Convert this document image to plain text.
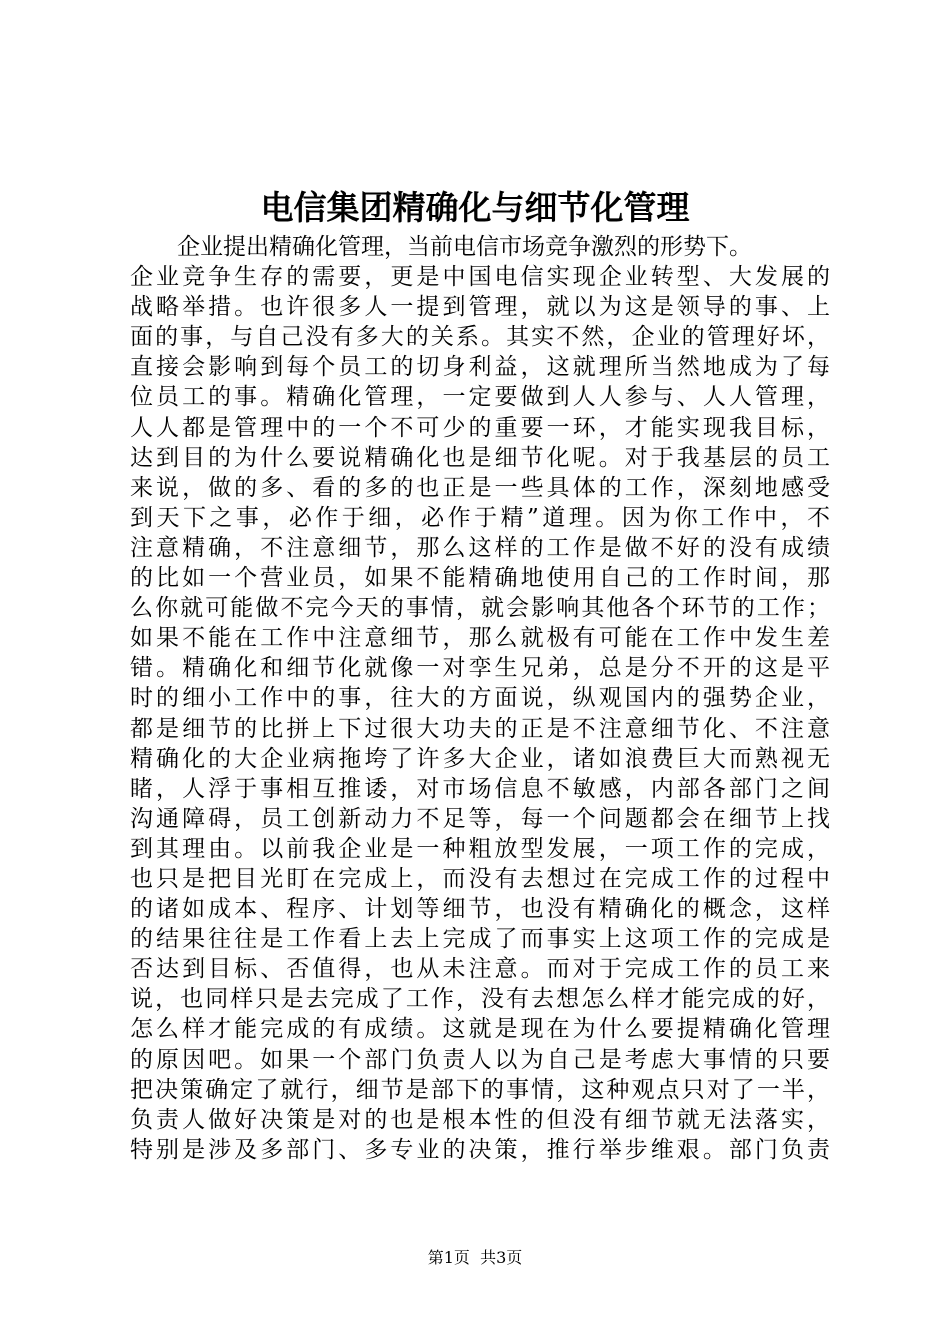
电信集团精确化与细节化管理
企业提出精确化管理，当前电信市场竞争激烈的形势下。
企业竞争生存的需要，更是中国电信实现企业转型、大发展的
战略举措。也许很多人一提到管理，就以为这是领导的事、上
面的事，与自己没有多大的关系。其实不然，企业的管理好坏，
直接会影响到每个员工的切身利益，这就理所当然地成为了每
位员工的事。精确化管理，一定要做到人人参与、人人管理，
人人都是管理中的一个不可少的重要一环，才能实现我目标，
达到目的为什么要说精确化也是细节化呢。对于我基层的员工
来说，做的多、看的多的也正是一些具体的工作，深刻地感受
到天下之事，必作于细，必作于精”道理。因为你工作中，不
注意精确，不注意细节，那么这样的工作是做不好的没有成绩
的比如一个营业员，如果不能精确地使用自己的工作时间，那
么你就可能做不完今天的事情，就会影响其他各个环节的工作；
如果不能在工作中注意细节，那么就极有可能在工作中发生差
错。精确化和细节化就像一对孪生兄弟，总是分不开的这是平
时的细小工作中的事，往大的方面说，纵观国内的强势企业，
都是细节的比拼上下过很大功夫的正是不注意细节化、不注意
精确化的大企业病拖垮了许多大企业，诸如浪费巨大而熟视无
睹，人浮于事相互推诿，对市场信息不敏感，内部各部门之间
沟通障碍，员工创新动力不足等，每一个问题都会在细节上找
到其理由。以前我企业是一种粗放型发展，一项工作的完成，
也只是把目光盯在完成上，而没有去想过在完成工作的过程中
的诸如成本、程序、计划等细节，也没有精确化的概念，这样
的结果往往是工作看上去上完成了而事实上这项工作的完成是
否达到目标、否值得，也从未注意。而对于完成工作的员工来
说，也同样只是去完成了工作，没有去想怎么样才能完成的好，
怎么样才能完成的有成绩。这就是现在为什么要提精确化管理
的原因吧。如果一个部门负责人以为自己是考虑大事情的只要
把决策确定了就行，细节是部下的事情，这种观点只对了一半，
负责人做好决策是对的也是根本性的但没有细节就无法落实，
特别是涉及多部门、多专业的决策，推行举步维艰。部门负责
第1页  共3页
